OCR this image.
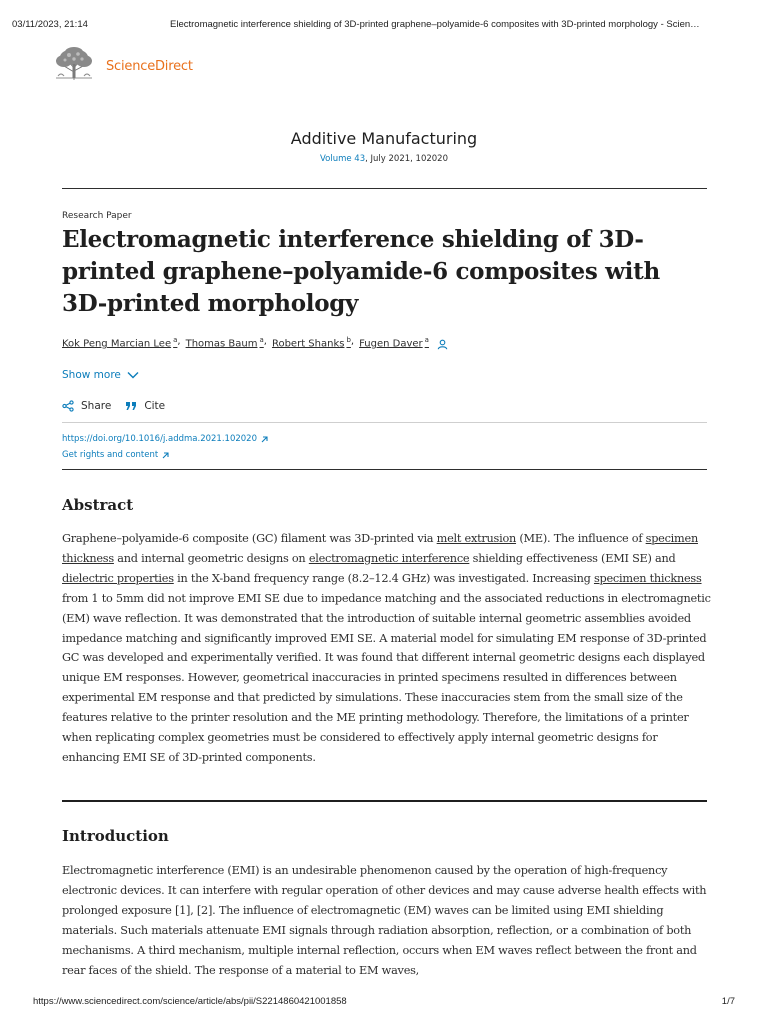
03/11/2023, 21:14	Electromagnetic interference shielding of 3D-printed graphene–polyamide-6 composites with 3D-printed morphology - Scien…
ScienceDirect
Additive Manufacturing
Volume 43, July 2021, 102020
Research Paper
Electromagnetic interference shielding of 3D-printed graphene–polyamide-6 composites with 3D-printed morphology
Kok Peng Marcian Lee $^a$ , Thomas Baum $^a$ , Robert Shanks $^b$ , Fugen Daver $^a$
Show more
Share	Cite
https://doi.org/10.1016/j.addma.2021.102020
Get rights and content
Abstract

Graphene–polyamide-6 composite (GC) filament was 3D-printed via melt extrusion (ME). The influence of specimen thickness and internal geometric designs on electromagnetic interference shielding effectiveness (EMI SE) and dielectric properties in the X-band frequency range (8.2–12.4 GHz) was investigated. Increasing specimen thickness from 1 to 5mm did not improve EMI SE due to impedance matching and the associated reductions in electromagnetic (EM) wave reflection. It was demonstrated that the introduction of suitable internal geometric assemblies avoided impedance matching and significantly improved EMI SE. A material model for simulating EM response of 3D-printed GC was developed and experimentally verified. It was found that different internal geometric designs each displayed unique EM responses. However, geometrical inaccuracies in printed specimens resulted in differences between experimental EM response and that predicted by simulations. These inaccuracies stem from the small size of the features relative to the printer resolution and the ME printing methodology. Therefore, the limitations of a printer when replicating complex geometries must be considered to effectively apply internal geometric designs for enhancing EMI SE of 3D-printed components.

Introduction

Electromagnetic interference (EMI) is an undesirable phenomenon caused by the operation of high-frequency electronic devices. It can interfere with regular operation of other devices and may cause adverse health effects with prolonged exposure [1], [2]. The influence of electromagnetic (EM) waves can be limited using EMI shielding materials. Such materials attenuate EMI signals through radiation absorption, reflection, or a combination of both mechanisms. A third mechanism, multiple internal reflection, occurs when EM waves reflect between the front and rear faces of the shield. The response of a material to EM waves,

https://www.sciencedirect.com/science/article/abs/pii/S2214860421001858	1/7
